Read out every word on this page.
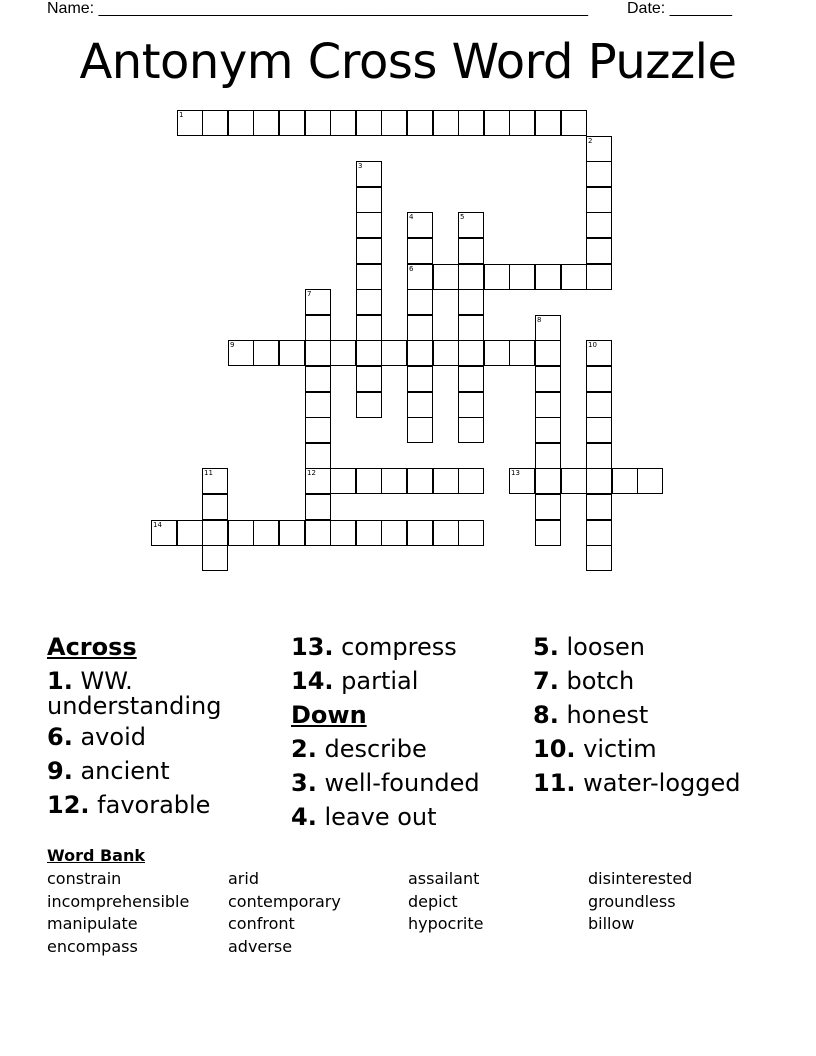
Name: _______________________________________________________ Date: _______
Antonym Cross Word Puzzle
1
2
3
4	5
6
7
8
9	10
11	12	13
14
Across
1. WW.
understanding
6. avoid
9. ancient
12. favorable
13. compress
14. partial
Down
2. describe
3. well-founded
4. leave out
5. loosen
7. botch
8. honest
10. victim
11. water-logged
Word Bank
constrain
incomprehensible
manipulate
encompass
arid
contemporary
confront
adverse
assailant
depict
hypocrite
disinterested
groundless
billow
